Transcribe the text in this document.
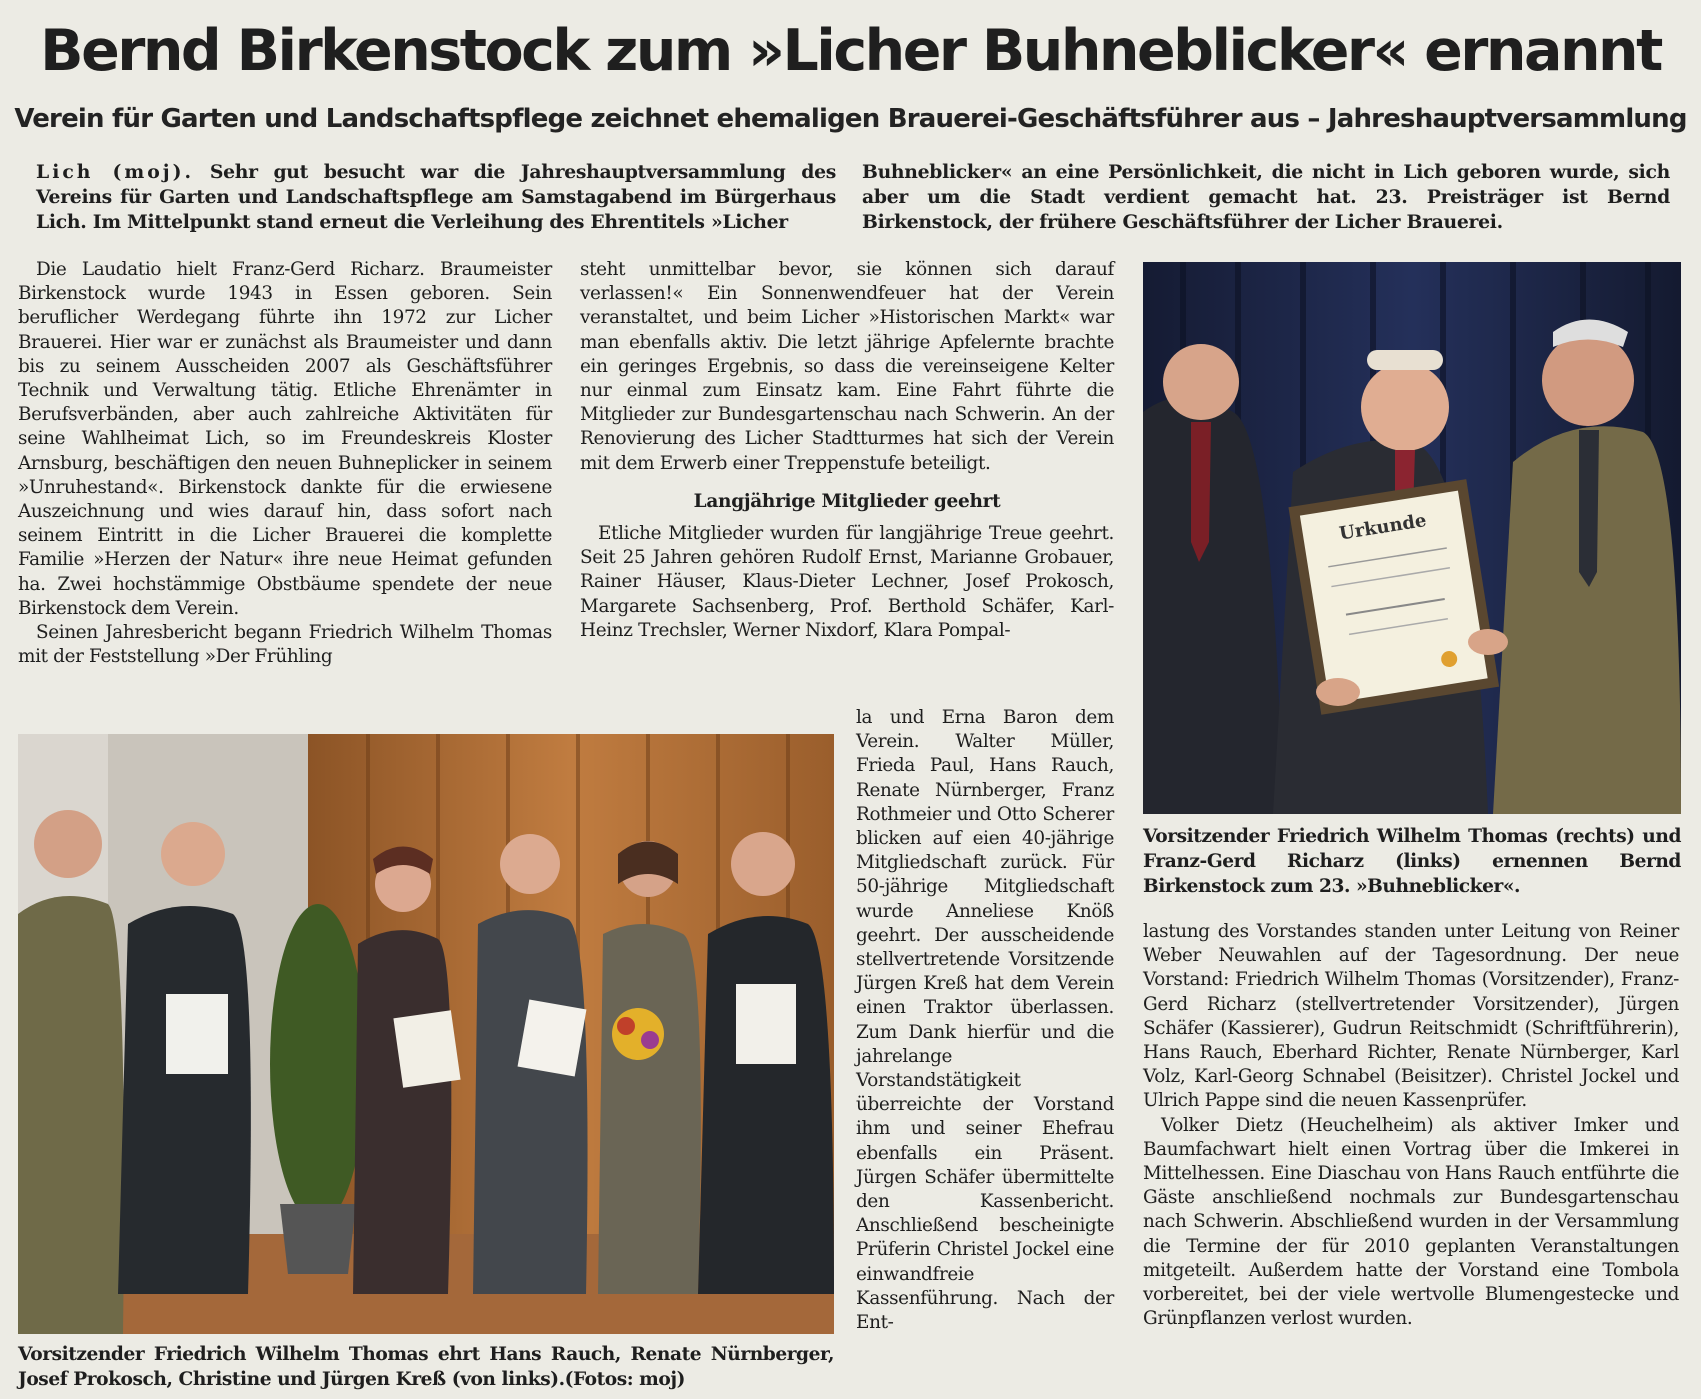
Bernd Birkenstock zum »Licher Buhneblicker« ernannt
Verein für Garten und Landschaftspflege zeichnet ehemaligen Brauerei-Geschäftsführer aus – Jahreshauptversammlung
Lich (moj). Sehr gut besucht war die Jahreshauptversammlung des Vereins für Garten und Landschaftspflege am Samstagabend im Bürgerhaus Lich. Im Mittelpunkt stand erneut die Verleihung des Ehrentitels »Licher
Buhneblicker« an eine Persönlichkeit, die nicht in Lich geboren wurde, sich aber um die Stadt verdient gemacht hat. 23. Preisträger ist Bernd Birkenstock, der frühere Geschäftsführer der Licher Brauerei.

Die Laudatio hielt Franz-Gerd Richarz. Braumeister Birkenstock wurde 1943 in Essen geboren. Sein beruflicher Werdegang führte ihn 1972 zur Licher Brauerei. Hier war er zunächst als Braumeister und dann bis zu seinem Ausscheiden 2007 als Geschäftsführer Technik und Verwaltung tätig. Etliche Ehrenämter in Berufsverbänden, aber auch zahlreiche Aktivitäten für seine Wahlheimat Lich, so im Freundeskreis Kloster Arnsburg, beschäftigen den neuen Buhneplicker in seinem »Unruhestand«. Birkenstock dankte für die erwiesene Auszeichnung und wies darauf hin, dass sofort nach seinem Eintritt in die Licher Brauerei die komplette Familie »Herzen der Natur« ihre neue Heimat gefunden ha. Zwei hochstämmige Obstbäume spendete der neue Birkenstock dem Verein.

Seinen Jahresbericht begann Friedrich Wilhelm Thomas mit der Feststellung »Der Frühling

steht unmittelbar bevor, sie können sich darauf verlassen!« Ein Sonnenwendfeuer hat der Verein veranstaltet, und beim Licher »Historischen Markt« war man ebenfalls aktiv. Die letzt jährige Apfelernte brachte ein geringes Ergebnis, so dass die vereinseigene Kelter nur einmal zum Einsatz kam. Eine Fahrt führte die Mitglieder zur Bundesgartenschau nach Schwerin. An der Renovierung des Licher Stadtturmes hat sich der Verein mit dem Erwerb einer Treppenstufe beteiligt.

Langjährige Mitglieder geehrt

Etliche Mitglieder wurden für langjährige Treue geehrt. Seit 25 Jahren gehören Rudolf Ernst, Marianne Grobauer, Rainer Häuser, Klaus-Dieter Lechner, Josef Prokosch, Margarete Sachsenberg, Prof. Berthold Schäfer, Karl-Heinz Trechsler, Werner Nixdorf, Klara Pompal-

la und Erna Baron dem Verein. Walter Müller, Frieda Paul, Hans Rauch, Renate Nürnberger, Franz Rothmeier und Otto Scherer blicken auf eien 40-jährige Mitgliedschaft zurück. Für 50-jährige Mitgliedschaft wurde Anneliese Knöß geehrt. Der ausscheidende stellvertretende Vorsitzende Jürgen Kreß hat dem Verein einen Traktor überlassen. Zum Dank hierfür und die jahrelange Vorstandstätigkeit überreichte der Vorstand ihm und seiner Ehefrau ebenfalls ein Präsent. Jürgen Schäfer übermittelte den Kassenbericht. Anschließend bescheinigte Prüferin Christel Jockel eine einwandfreie Kassenführung. Nach der Ent-

lastung des Vorstandes standen unter Leitung von Reiner Weber Neuwahlen auf der Tagesordnung. Der neue Vorstand: Friedrich Wilhelm Thomas (Vorsitzender), Franz-Gerd Richarz (stellvertretender Vorsitzender), Jürgen Schäfer (Kassierer), Gudrun Reitschmidt (Schriftführerin), Hans Rauch, Eberhard Richter, Renate Nürnberger, Karl Volz, Karl-Georg Schnabel (Beisitzer). Christel Jockel und Ulrich Pappe sind die neuen Kassenprüfer.

Volker Dietz (Heuchelheim) als aktiver Imker und Baumfachwart hielt einen Vortrag über die Imkerei in Mittelhessen. Eine Diaschau von Hans Rauch entführte die Gäste anschließend nochmals zur Bundesgartenschau nach Schwerin. Abschließend wurden in der Versammlung die Termine der für 2010 geplanten Veranstaltungen mitgeteilt. Außerdem hatte der Vorstand eine Tombola vorbereitet, bei der viele wertvolle Blumengestecke und Grünpflanzen verlost wurden.

Urkunde
Vorsitzender Friedrich Wilhelm Thomas (rechts) und Franz-Gerd Richarz (links) ernennen Bernd Birkenstock zum 23. »Buhneblicker«.
Vorsitzender Friedrich Wilhelm Thomas ehrt Hans Rauch, Renate Nürnberger, Josef Prokosch, Christine und Jürgen Kreß (von links).(Fotos: moj)
